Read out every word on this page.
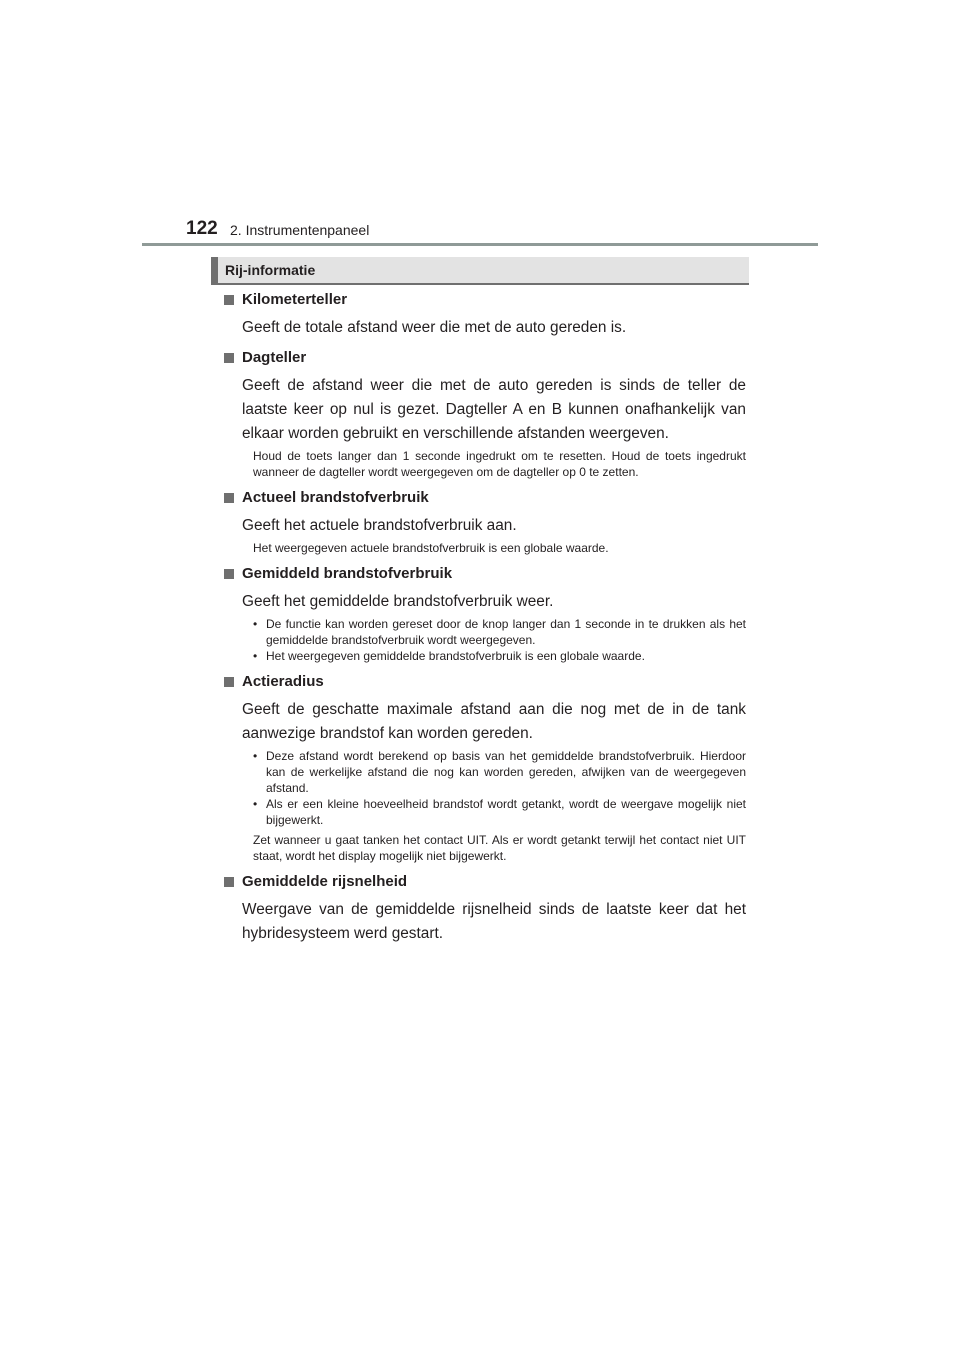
122 2. Instrumentenpaneel
Rij-informatie
Kilometerteller
Geeft de totale afstand weer die met de auto gereden is.
Dagteller
Geeft de afstand weer die met de auto gereden is sinds de teller de laatste keer op nul is gezet. Dagteller A en B kunnen onafhankelijk van elkaar worden gebruikt en verschillende afstanden weergeven.
Houd de toets langer dan 1 seconde ingedrukt om te resetten. Houd de toets ingedrukt wanneer de dagteller wordt weergegeven om de dagteller op 0 te zetten.
Actueel brandstofverbruik
Geeft het actuele brandstofverbruik aan.
Het weergegeven actuele brandstofverbruik is een globale waarde.
Gemiddeld brandstofverbruik
Geeft het gemiddelde brandstofverbruik weer.
• De functie kan worden gereset door de knop langer dan 1 seconde in te drukken als het gemiddelde brandstofverbruik wordt weergegeven.
• Het weergegeven gemiddelde brandstofverbruik is een globale waarde.
Actieradius
Geeft de geschatte maximale afstand aan die nog met de in de tank aanwezige brandstof kan worden gereden.
• Deze afstand wordt berekend op basis van het gemiddelde brandstofverbruik. Hierdoor kan de werkelijke afstand die nog kan worden gereden, afwijken van de weergegeven afstand.
• Als er een kleine hoeveelheid brandstof wordt getankt, wordt de weergave mogelijk niet bijgewerkt.
Zet wanneer u gaat tanken het contact UIT. Als er wordt getankt terwijl het contact niet UIT staat, wordt het display mogelijk niet bijgewerkt.
Gemiddelde rijsnelheid
Weergave van de gemiddelde rijsnelheid sinds de laatste keer dat het hybridesysteem werd gestart.
